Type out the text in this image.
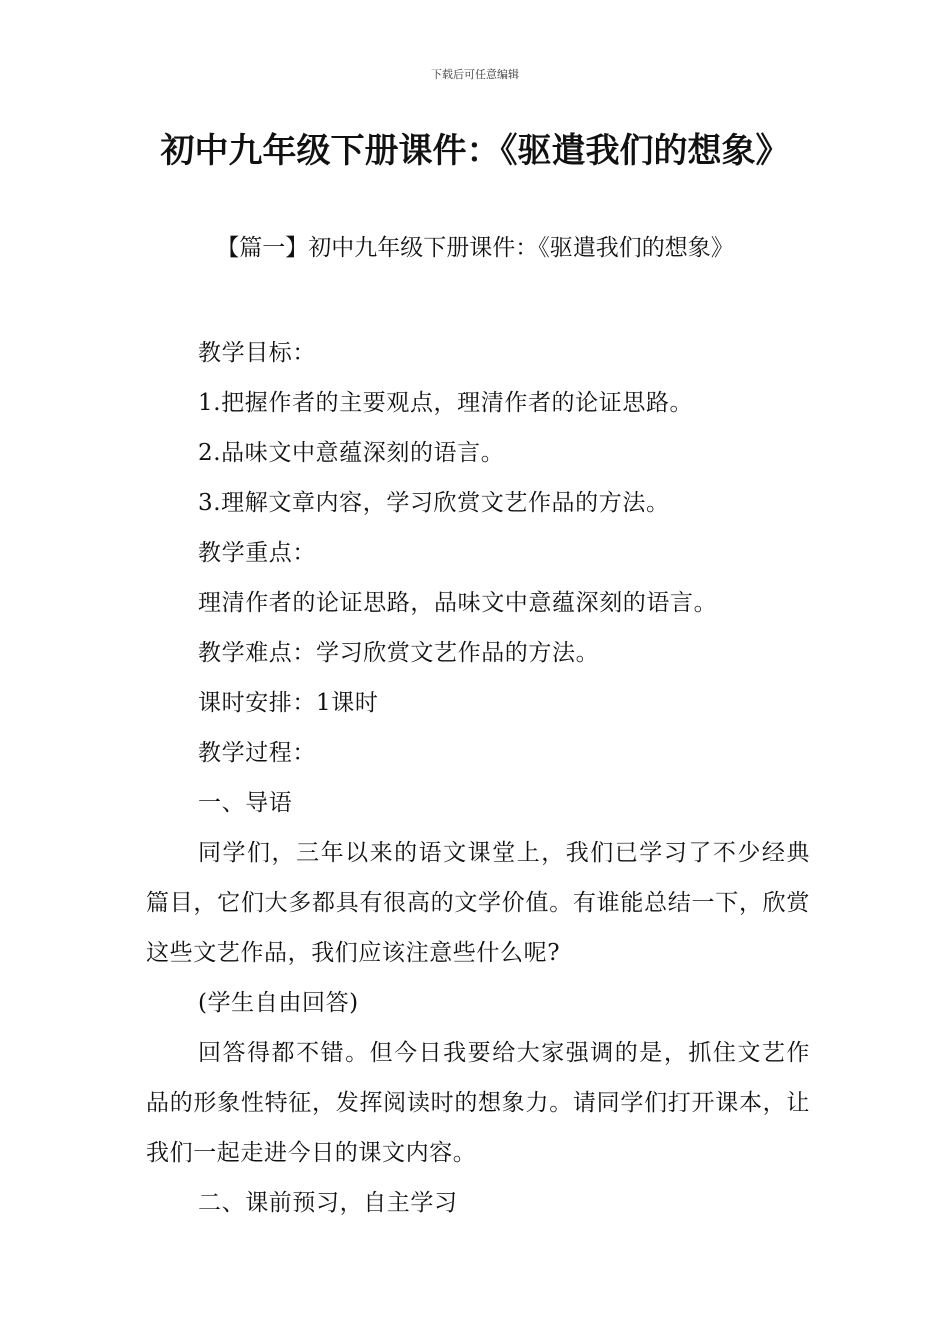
下载后可任意编辑
初中九年级下册课件：《驱遣我们的想象》
【篇一】初中九年级下册课件：《驱遣我们的想象》

教学目标：

1.把握作者的主要观点，理清作者的论证思路。

2.品味文中意蕴深刻的语言。

3.理解文章内容，学习欣赏文艺作品的方法。

教学重点：

理清作者的论证思路，品味文中意蕴深刻的语言。

教学难点：学习欣赏文艺作品的方法。

课时安排：1课时

教学过程：

一、导语

同学们，三年以来的语文课堂上，我们已学习了不少经典篇目，它们大多都具有很高的文学价值。有谁能总结一下，欣赏这些文艺作品，我们应该注意些什么呢?

(学生自由回答)

回答得都不错。但今日我要给大家强调的是，抓住文艺作品的形象性特征，发挥阅读时的想象力。请同学们打开课本，让我们一起走进今日的课文内容。

二、课前预习，自主学习
